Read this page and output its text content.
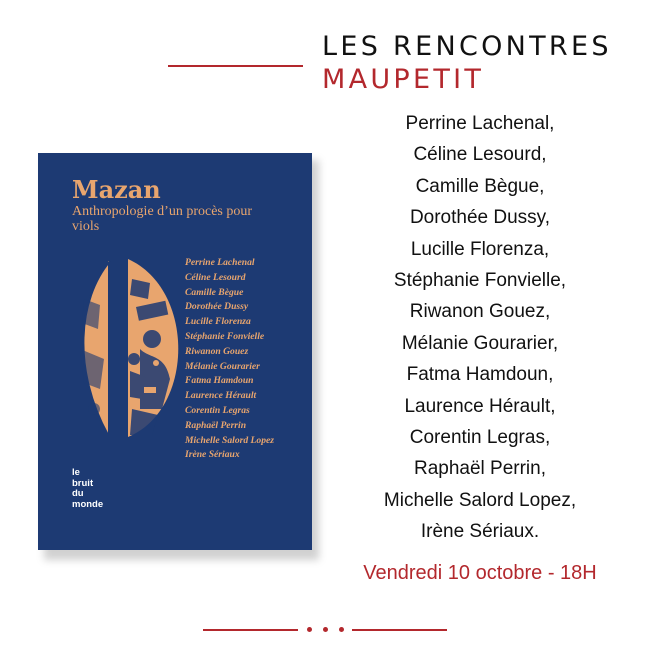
LES RENCONTRES
MAUPETIT
Mazan
Anthropologie d’un procès pour viols
Perrine Lachenal
Céline Lesourd
Camille Bègue
Dorothée Dussy
Lucille Florenza
Stéphanie Fonvielle
Riwanon Gouez
Mélanie Gourarier
Fatma Hamdoun
Laurence Hérault
Corentin Legras
Raphaël Perrin
Michelle Salord Lopez
Irène Sériaux
le
bruit
du
monde
Perrine Lachenal,
Céline Lesourd,
Camille Bègue,
Dorothée Dussy,
Lucille Florenza,
Stéphanie Fonvielle,
Riwanon Gouez,
Mélanie Gourarier,
Fatma Hamdoun,
Laurence Hérault,
Corentin Legras,
Raphaël Perrin,
Michelle Salord Lopez,
Irène Sériaux.
Vendredi 10 octobre - 18H
